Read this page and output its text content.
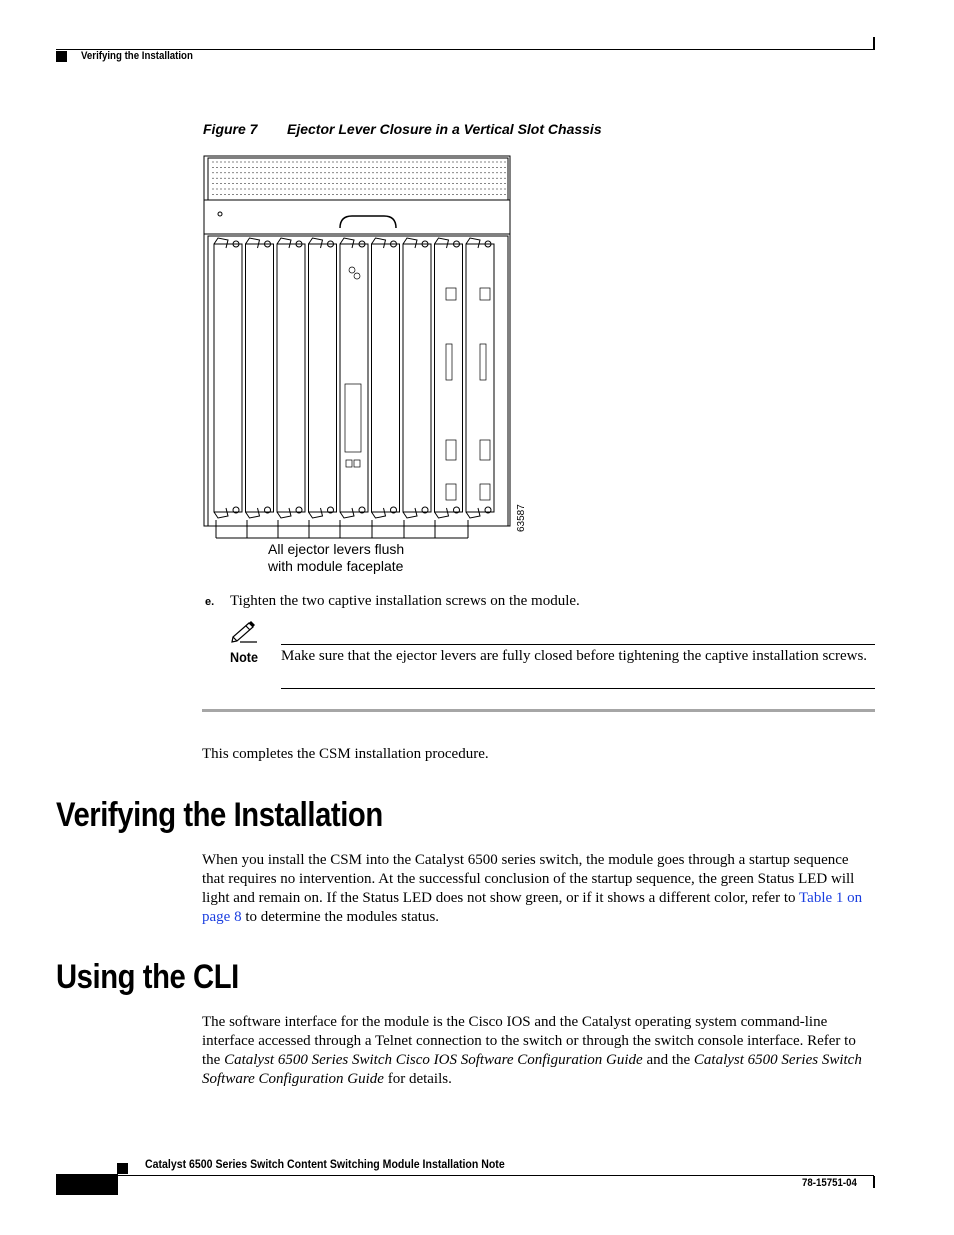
Verifying the Installation
Figure 7 Ejector Lever Closure in a Vertical Slot Chassis
63587
All ejector levers flush
with module faceplate
e. Tighten the two captive installation screws on the module.
Note Make sure that the ejector levers are fully closed before tightening the captive installation screws.
This completes the CSM installation procedure.
Verifying the Installation
When you install the CSM into the Catalyst 6500 series switch, the module goes through a startup sequence that requires no intervention. At the successful conclusion of the startup sequence, the green Status LED will light and remain on. If the Status LED does not show green, or if it shows a different color, refer to Table 1 on page 8 to determine the modules status.
Using the CLI
The software interface for the module is the Cisco IOS and the Catalyst operating system command-line interface accessed through a Telnet connection to the switch or through the switch console interface. Refer to the Catalyst 6500 Series Switch Cisco IOS Software Configuration Guide and the Catalyst 6500 Series Switch Software Configuration Guide for details.
Catalyst 6500 Series Switch Content Switching Module Installation Note
20	78-15751-04
